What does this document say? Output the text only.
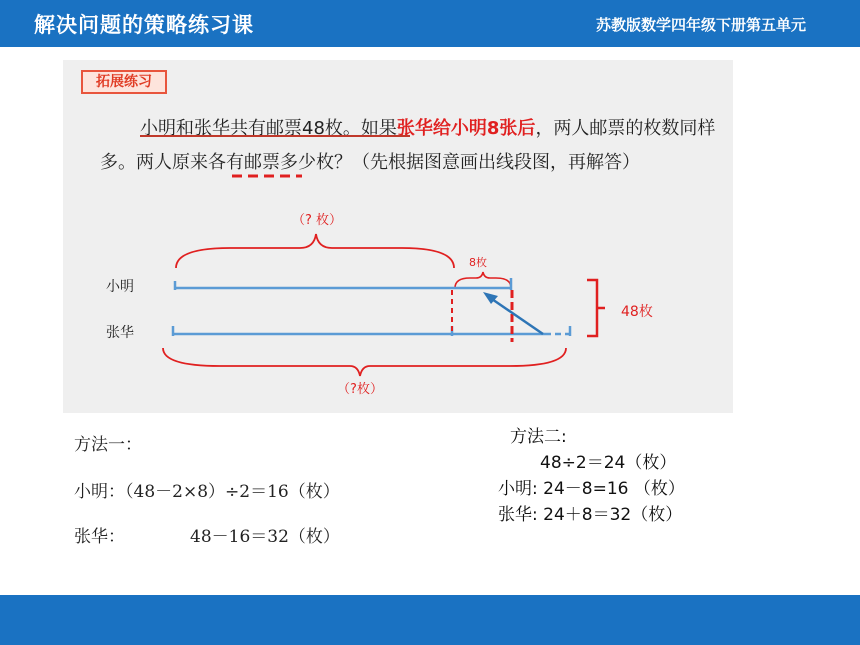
解决问题的策略练习课	苏教版数学四年级下册第五单元
拓展练习
小明和张华共有邮票48枚。如果张华给小明8张后，两人邮票的枚数同样多。两人原来各有邮票多少枚？（先根据图意画出线段图，再解答）
（? 枚）
8枚
小明
张华
48枚
（?枚）
方法一：
小明：（48－2×8）÷2＝16（枚）
张华：	48－16＝32（枚）
方法二:
48÷2＝24（枚）
小明: 24－8=16 （枚）
张华: 24＋8＝32（枚）
